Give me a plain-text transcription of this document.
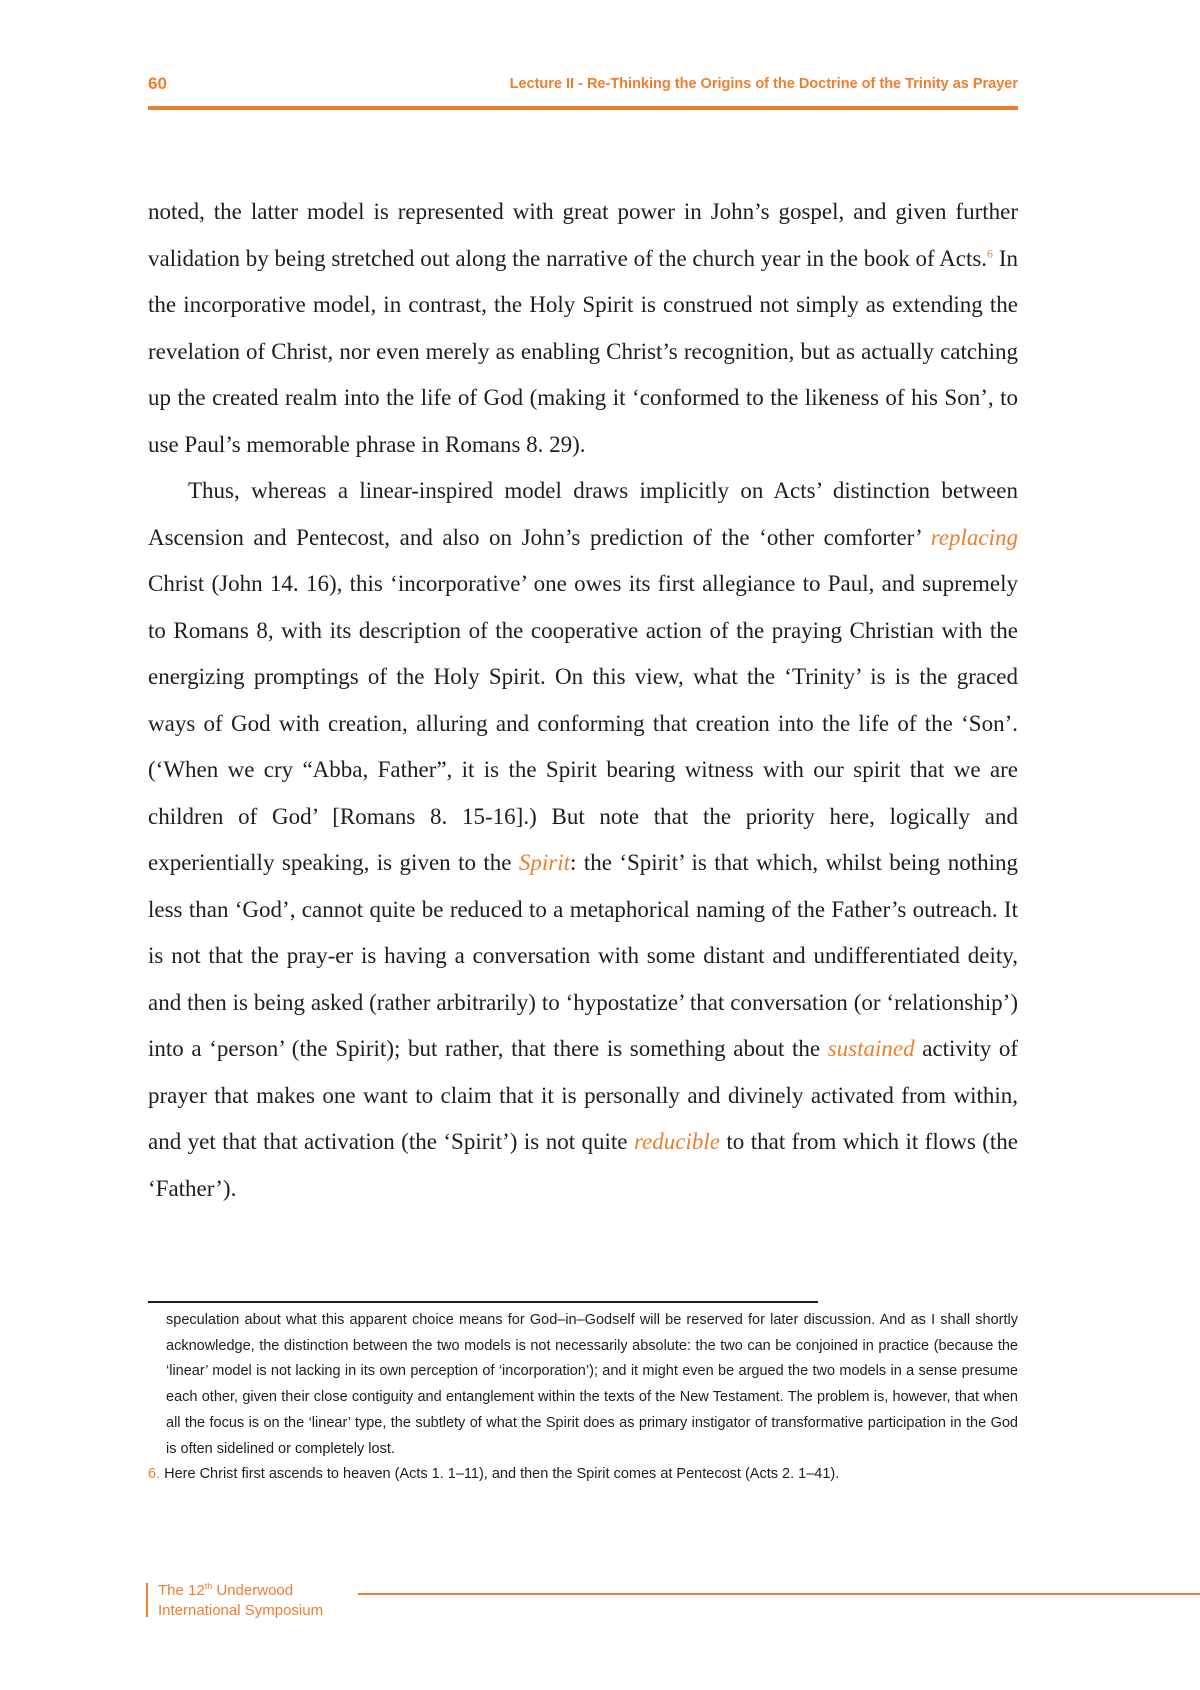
60	Lecture II - Re-Thinking the Origins of the Doctrine of the Trinity as Prayer

noted, the latter model is represented with great power in John’s gospel, and given further validation by being stretched out along the narrative of the church year in the book of Acts.$^6$ In the incorporative model, in contrast, the Holy Spirit is construed not simply as extending the revelation of Christ, nor even merely as enabling Christ’s recognition, but as actually catching up the created realm into the life of God (making it ‘conformed to the likeness of his Son’, to use Paul’s memorable phrase in Romans 8. 29).

Thus, whereas a linear-inspired model draws implicitly on Acts’ distinction between Ascension and Pentecost, and also on John’s prediction of the ‘other comforter’ replacing Christ (John 14. 16), this ‘incorporative’ one owes its first allegiance to Paul, and supremely to Romans 8, with its description of the cooperative action of the praying Christian with the energizing promptings of the Holy Spirit. On this view, what the ‘Trinity’ is is the graced ways of God with creation, alluring and conforming that creation into the life of the ‘Son’. (‘When we cry “Abba, Father”, it is the Spirit bearing witness with our spirit that we are children of God’ [Romans 8. 15-16].) But note that the priority here, logically and experientially speaking, is given to the Spirit: the ‘Spirit’ is that which, whilst being nothing less than ‘God’, cannot quite be reduced to a metaphorical naming of the Father’s outreach. It is not that the pray-er is having a conversation with some distant and undifferentiated deity, and then is being asked (rather arbitrarily) to ‘hypostatize’ that conversation (or ‘relationship’) into a ‘person’ (the Spirit); but rather, that there is something about the sustained activity of prayer that makes one want to claim that it is personally and divinely activated from within, and yet that that activation (the ‘Spirit’) is not quite reducible to that from which it flows (the ‘Father’).

speculation about what this apparent choice means for God–in–Godself will be reserved for later discussion. And as I shall shortly acknowledge, the distinction between the two models is not necessarily absolute: the two can be conjoined in practice (because the ‘linear’ model is not lacking in its own perception of ‘incorporation’); and it might even be argued the two models in a sense presume each other, given their close contiguity and entanglement within the texts of the New Testament. The problem is, however, that when all the focus is on the ‘linear’ type, the subtlety of what the Spirit does as primary instigator of transformative participation in the God is often sidelined or completely lost.

6. Here Christ first ascends to heaven (Acts 1. 1–11), and then the Spirit comes at Pentecost (Acts 2. 1–41).

The 12th Underwood
International Symposium
